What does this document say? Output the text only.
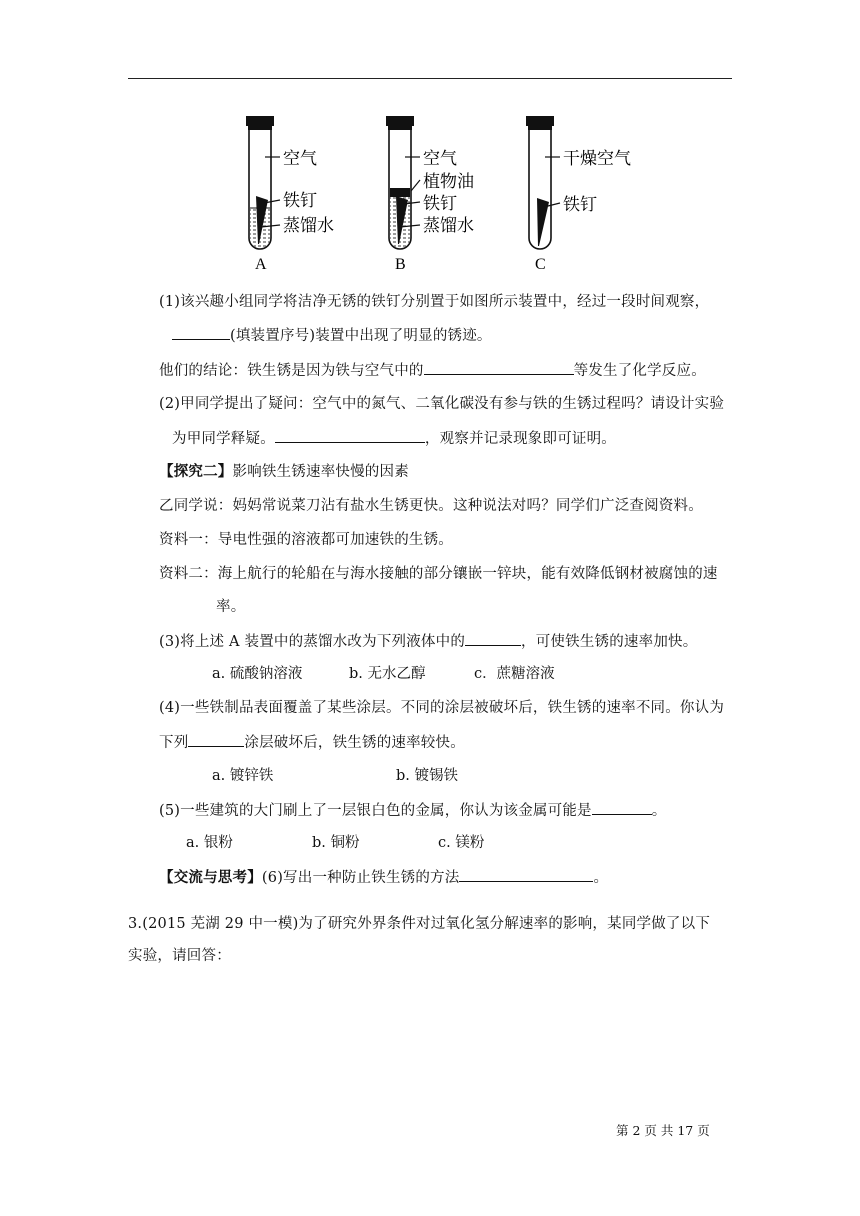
空气
铁钉
蒸馏水
A
空气
植物油
铁钉
蒸馏水
B
干燥空气
铁钉
C
(1)该兴趣小组同学将洁净无锈的铁钉分别置于如图所示装置中，经过一段时间观察，
(填装置序号)装置中出现了明显的锈迹。
他们的结论：铁生锈是因为铁与空气中的	等发生了化学反应。
(2)甲同学提出了疑问：空气中的氮气、二氧化碳没有参与铁的生锈过程吗？请设计实验
为甲同学释疑。	，观察并记录现象即可证明。
【探究二】影响铁生锈速率快慢的因素
乙同学说：妈妈常说菜刀沾有盐水生锈更快。这种说法对吗？同学们广泛查阅资料。
资料一：导电性强的溶液都可加速铁的生锈。
资料二：海上航行的轮船在与海水接触的部分镶嵌一锌块，能有效降低钢材被腐蚀的速
率。
(3)将上述 A 装置中的蒸馏水改为下列液体中的	，可使铁生锈的速率加快。
a. 硫酸钠溶液	b. 无水乙醇	c．蔗糖溶液
(4)一些铁制品表面覆盖了某些涂层。不同的涂层被破坏后，铁生锈的速率不同。你认为
下列	涂层破坏后，铁生锈的速率较快。
a. 镀锌铁	b. 镀锡铁
(5)一些建筑的大门刷上了一层银白色的金属，你认为该金属可能是	。
a. 银粉	b. 铜粉	c. 镁粉
【交流与思考】(6)写出一种防止铁生锈的方法	。
3.(2015 芜湖 29 中一模)为了研究外界条件对过氧化氢分解速率的影响，某同学做了以下
实验，请回答：
第 2 页 共 17 页
